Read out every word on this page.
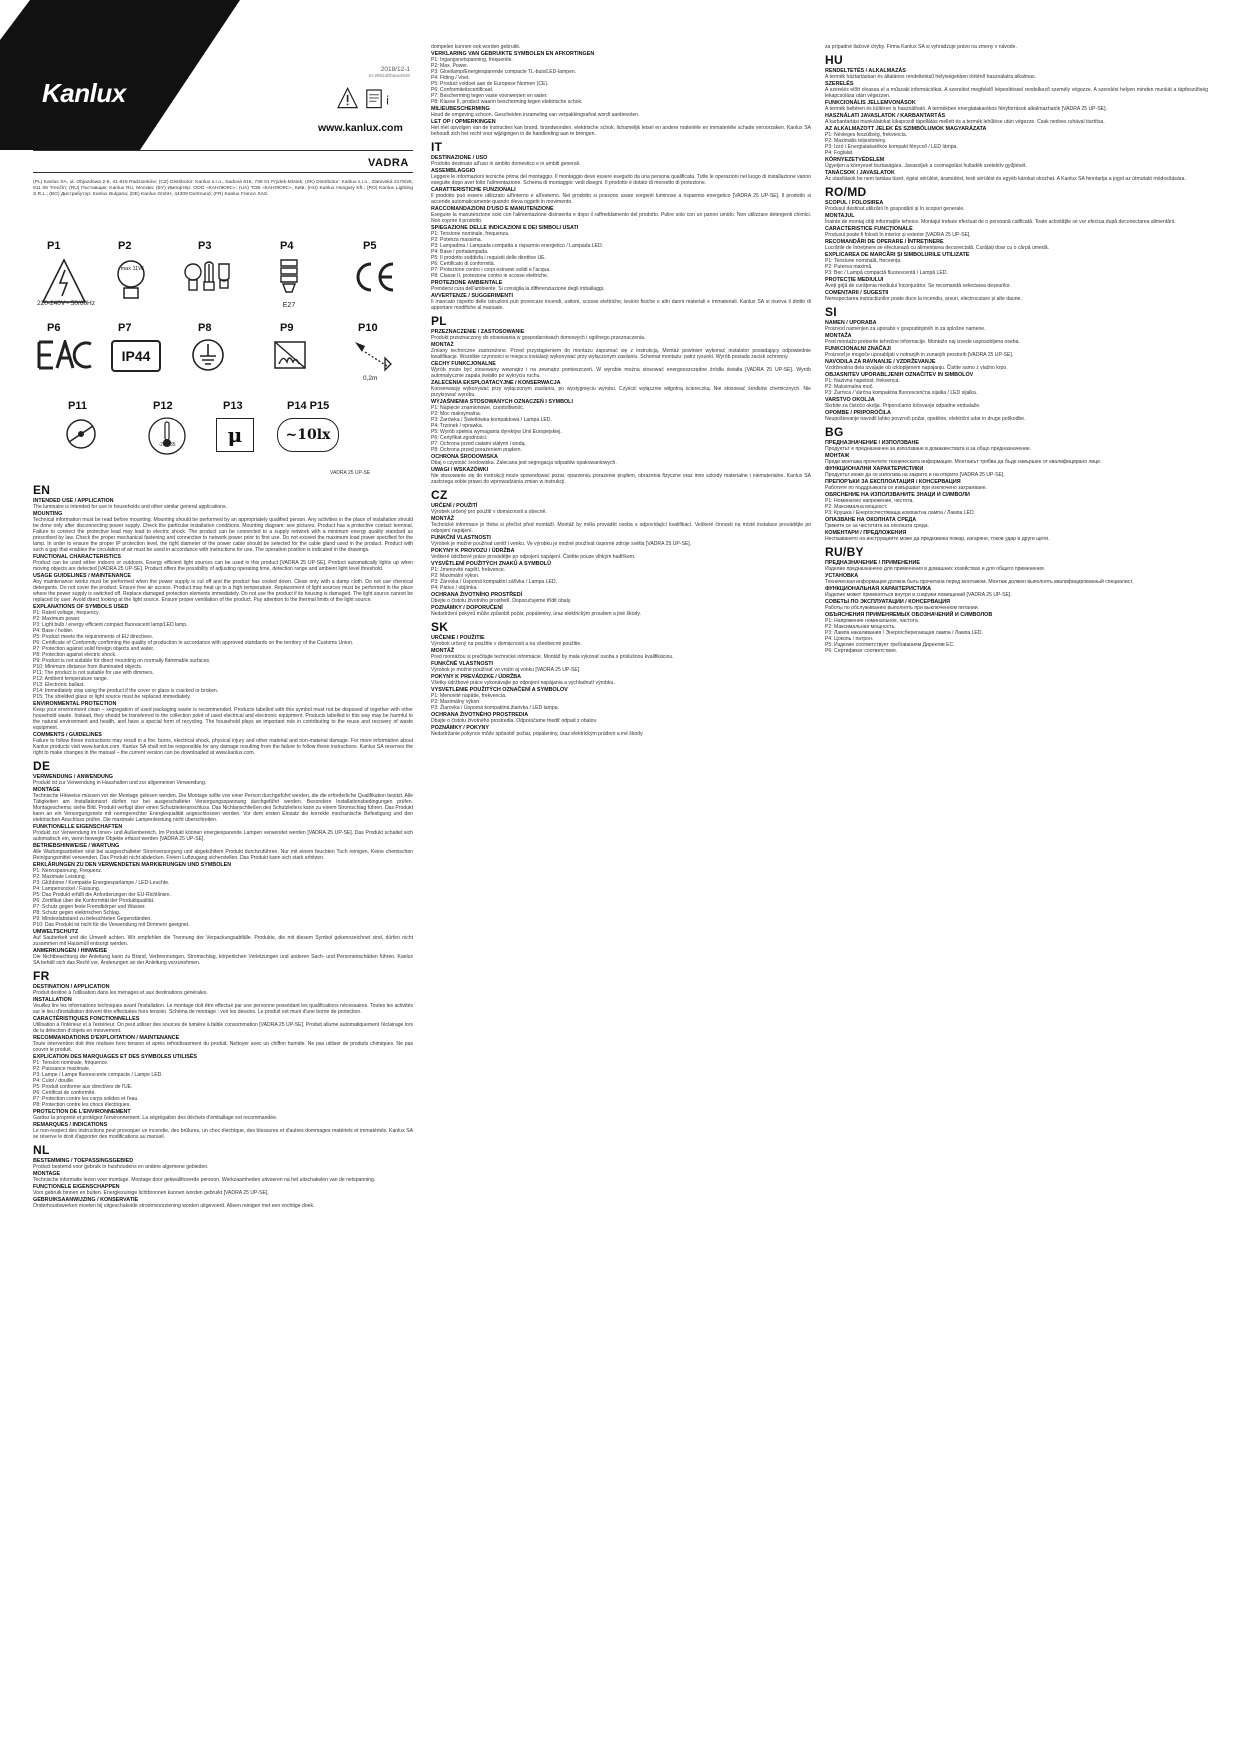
Kanlux
2018/12-1
KI-29524Dbase2020
i
www.kanlux.com
VADRA
(PL) Kanlux SA, ul. Objazdowa 2-6, 41-819 Radzionków; (CZ) Distributor: Kanlux s.r.o., Sadová 618, 738 01 Frýdek-Místek; (SK) Distribútor: Kanlux s.r.o., Zlatovská 2179/26, 911 05 Trenčín; (RU) Поставщик: Kanlux RU, Москва; (BY) Импортёр: ООО «КАНЛЮКС»; (UA) ТОВ «КАНЛЮКС», Київ; (HU) Kanlux Hungary Kft.; (RO) Kanlux Lighting S.R.L.; (BG) Дистрибутор: Kanlux Bulgaria; (DE) Kanlux GmbH, 44309 Dortmund; (FR) Kanlux France SAS.
P1	P2	P3	P4	P5
220-240V~ 50/60Hz
max 11W
E27
P6	P7	P8	P9	P10
IP44
0,2m
P11	P12	P13	P14 P15
-20 +35	μ	~10lx
VADRA 25 UP-SE
EN
INTENDED USE / APPLICATION
The luminaire is intended for use in households and other similar general applications.
MOUNTING
Technical information must be read before mounting. Mounting should be performed by an appropriately qualified person. Any activities in the place of installation should be done only after disconnecting power supply. Check the particular installation conditions. Mounting diagram: see pictures. Product has a protective contact terminal. Failure to connect the protective lead may lead to electric shock. The product can be connected to a supply network with a minimum energy quality standard as prescribed by law. Check the proper mechanical fastening and connection to network power prior to first use. Do not exceed the maximum load power specified for the lamp. In order to ensure the proper IP protection level, the tight diameter of the power cable should be selected for the cable gland used in the product. Product with such a gap that enables the circulation of air must be used in accordance with instructions for use. The operation position is indicated in the drawings.
FUNCTIONAL CHARACTERISTICS
Product can be used either indoors or outdoors. Energy efficient light sources can be used in this product [VADRA 25 UP-SE]. Product automatically lights up when moving objects are detected [VADRA 25 UP-SE]. Product offers the possibility of adjusting operating time, detection range and ambient light level threshold.
USAGE GUIDELINES / MAINTENANCE
Any maintenance works must be performed when the power supply is cut off and the product has cooled down. Clean only with a damp cloth. Do not use chemical detergents. Do not cover the product. Ensure free air access. Product may heat up to a high temperature. Replacement of light sources must be performed in the place where the power supply is switched off. Replace damaged protection elements immediately. Do not use the product if its housing is damaged. The light source cannot be replaced by user. Avoid direct looking at the light source. Ensure proper ventilation of the product. Pay attention to the thermal limits of the light source.
EXPLANATIONS OF SYMBOLS USED
P1: Rated voltage, frequency.
P2: Maximum power.
P3: Light bulb / energy efficient compact fluorescent lamp/LED lamp.
P4: Base / holder.
P5: Product meets the requirements of EU directives.
P6: Certificate of Conformity confirming the quality of production in accordance with approved standards on the territory of the Customs Union.
P7: Protection against solid foreign objects and water.
P8: Protection against electric shock.
P9: Product is not suitable for direct mounting on normally flammable surfaces.
P10: Minimum distance from illuminated objects.
P11: The product is not suitable for use with dimmers.
P12: Ambient temperature range.
P13: Electronic ballast.
P14: Immediately stop using the product if the cover or glass is cracked or broken.
P15: The shielded glass or light source must be replaced immediately.
ENVIRONMENTAL PROTECTION
Keep your environment clean – segregation of used packaging waste is recommended. Products labelled with this symbol must not be disposed of together with other household waste. Instead, they should be transferred to the collection point of used electrical and electronic equipment. Products labelled in this way may be harmful to the natural environment and health, and have a special form of recycling. The household plays an important role in contributing to the reuse and recovery of waste equipment.
COMMENTS / GUIDELINES
Failure to follow these instructions may result in a fire, burns, electrical shock, physical injury and other material and non-material damage. For more information about Kanlux products visit www.kanlux.com. Kanlux SA shall not be responsible for any damage resulting from the failure to follow these instructions. Kanlux SA reserves the right to make changes in the manual – the current version can be downloaded at www.kanlux.com.
DE
VERWENDUNG / ANWENDUNG
Produkt ist zur Verwendung in Haushalten und zur allgemeinen Verwendung.
MONTAGE
Technische Hinweise müssen vor der Montage gelesen werden. Die Montage sollte von einer Person durchgeführt werden, die die erforderliche Qualifikation besitzt. Alle Tätigkeiten am Installationsort dürfen nur bei ausgeschalteter Versorgungsspannung durchgeführt werden. Besondere Installationsbedingungen prüfen. Montageschema: siehe Bild. Produkt verfügt über einen Schutzleiteranschluss. Das Nichtanschließen des Schutzleiters kann zu einem Stromschlag führen. Das Produkt kann an ein Versorgungsnetz mit normgerechter Energiequalität angeschlossen werden. Vor dem ersten Einsatz die korrekte mechanische Befestigung und den elektrischen Anschluss prüfen. Die maximale Lampenleistung nicht überschreiten.
FUNKTIONELLE EIGENSCHAFTEN
Produkt zur Verwendung im Innen- und Außenbereich. Im Produkt können energiesparende Lampen verwendet werden [VADRA 25 UP-SE]. Das Produkt schaltet sich automatisch ein, wenn bewegte Objekte erfasst werden [VADRA 25 UP-SE].
BETRIEBSHINWEISE / WARTUNG
Alle Wartungsarbeiten sind bei ausgeschalteter Stromversorgung und abgekühltem Produkt durchzuführen. Nur mit einem feuchten Tuch reinigen. Keine chemischen Reinigungsmittel verwenden. Das Produkt nicht abdecken. Freien Luftzugang sicherstellen. Das Produkt kann sich stark erhitzen.
ERKLÄRUNGEN ZU DEN VERWENDETEN MARKIERUNGEN UND SYMBOLEN
P1: Nennspannung, Frequenz.
P2: Maximale Leistung.
P3: Glühbirne / Kompakte Energiesparlampe / LED-Leuchte.
P4: Lampensockel / Fassung.
P5: Das Produkt erfüllt die Anforderungen der EU-Richtlinien.
P6: Zertifikat über die Konformität der Produktqualität.
P7: Schutz gegen feste Fremdkörper und Wasser.
P8: Schutz gegen elektrischen Schlag.
P9: Mindestabstand zu beleuchteten Gegenständen.
P10: Das Produkt ist nicht für die Verwendung mit Dimmern geeignet.
UMWELTSCHUTZ
Auf Sauberkeit und die Umwelt achten. Wir empfehlen die Trennung der Verpackungsabfälle. Produkte, die mit diesem Symbol gekennzeichnet sind, dürfen nicht zusammen mit Hausmüll entsorgt werden.
ANMERKUNGEN / HINWEISE
Die Nichtbeachtung der Anleitung kann zu Brand, Verbrennungen, Stromschlag, körperlichen Verletzungen und anderen Sach- und Personenschäden führen. Kanlux SA behält sich das Recht vor, Änderungen an der Anleitung vorzunehmen.
FR
DESTINATION / APPLICATION
Produit destiné à l'utilisation dans les ménages et aux destinations générales.
INSTALLATION
Veuillez lire les informations techniques avant l'installation. Le montage doit être effectué par une personne possédant les qualifications nécessaires. Toutes les activités sur le lieu d'installation doivent être effectuées hors tension. Schéma de montage : voir les dessins. Le produit est muni d'une borne de protection.
CARACTÉRISTIQUES FONCTIONNELLES
Utilisation à l'intérieur et à l'extérieur. On peut utiliser des sources de lumière à faible consommation [VADRA 25 UP-SE]. Produit allume automatiquement l'éclairage lors de la détection d'objets en mouvement.
RECOMMANDATIONS D'EXPLOITATION / MAINTENANCE
Toute intervention doit être réalisée hors tension et après refroidissement du produit. Nettoyer avec un chiffon humide. Ne pas utiliser de produits chimiques. Ne pas couvrir le produit.
EXPLICATION DES MARQUAGES ET DES SYMBOLES UTILISÉS
P1: Tension nominale, fréquence.
P2: Puissance maximale.
P3: Lampe / Lampe fluorescente compacte / Lampe LED.
P4: Culot / douille.
P5: Produit conforme aux directives de l'UE.
P6: Certificat de conformité.
P7: Protection contre les corps solides et l'eau.
P8: Protection contre les chocs électriques.
PROTECTION DE L'ENVIRONNEMENT
Gardez la propreté et protégez l'environnement. La ségrégation des déchets d'emballage est recommandée.
REMARQUES / INDICATIONS
Le non-respect des instructions peut provoquer un incendie, des brûlures, un choc électrique, des blessures et d'autres dommages matériels et immatériels. Kanlux SA se réserve le droit d'apporter des modifications au manuel.
NL
BESTEMMING / TOEPASSINGSGEBIED
Product bestemd voor gebruik in huishoudens en andere algemene gebieden.
MONTAGE
Technische informatie lezen voor montage. Montage door gekwalificeerde persoon. Werkzaamheden uitvoeren na het uitschakelen van de netspanning.
FUNCTIONELE EIGENSCHAPPEN
Voor gebruik binnen en buiten. Energiezuinige lichtbronnen kunnen worden gebruikt [VADRA 25 UP-SE].
GEBRUIKSAANWIJZING / KONSERVATIE
Onderhoudswerken moeten bij uitgeschakelde stroomvoorziening worden uitgevoerd. Alleen reinigen met een vochtige doek.
dompelen kunnen ook worden gebruikt.
VERKLARING VAN GEBRUIKTE SYMBOLEN EN AFKORTINGEN
P1: Ingangsnetspanning, frequentie.
P2: Max. Power.
P3: Gloeilamp/Energiesparende compacte TL-buis/LED-lampen.
P4: Fitting / Voet.
P5: Product voldoet aan de Europese Normen (CE).
P6: Conformiteitscertificaat.
P7: Bescherming tegen vaste voorwerpen en water.
P8: Klasse II, product waarin bescherming tegen elektrische schok.
MILIEUBESCHERMING
Houd de omgeving schoon. Gescheiden inzameling van verpakkingsafval wordt aanbevolen.
LET OP / OPMERKINGEN
Het niet opvolgen van de instructies kan brand, brandwonden, elektrische schok, lichamelijk letsel en andere materiële en immateriële schade veroorzaken. Kanlux SA behoudt zich het recht voor wijzigingen in de handleiding aan te brengen.
IT
DESTINAZIONE / USO
Prodotto destinato all'uso in ambito domestico e in ambiti generali.
ASSEMBLAGGIO
Leggere le informazioni tecniche prima del montaggio. Il montaggio deve essere eseguito da una persona qualificata. Tutte le operazioni nel luogo di installazione vanno eseguite dopo aver tolto l'alimentazione. Schema di montaggio: vedi disegni. Il prodotto è dotato di morsetto di protezione.
CARATTERISTICHE FUNZIONALI
Il prodotto può essere utilizzato all'interno e all'esterno. Nel prodotto si possono usare sorgenti luminose a risparmio energetico [VADRA 25 UP-SE]. Il prodotto si accende automaticamente quando rileva oggetti in movimento.
RACCOMANDAZIONI D'USO E MANUTENZIONE
Eseguire la manutenzione solo con l'alimentazione disinserita e dopo il raffreddamento del prodotto. Pulire solo con un panno umido. Non utilizzare detergenti chimici. Non coprire il prodotto.
SPIEGAZIONE DELLE INDICAZIONI E DEI SIMBOLI USATI
P1: Tensione nominale, frequenza.
P2: Potenza massima.
P3: Lampadina / Lampada compatta a risparmio energetico / Lampada LED.
P4: Base / portalampada.
P5: Il prodotto soddisfa i requisiti delle direttive UE.
P6: Certificato di conformità.
P7: Protezione contro i corpi estranei solidi e l'acqua.
P8: Classe II, protezione contro le scosse elettriche.
PROTEZIONE AMBIENTALE
Prendersi cura dell'ambiente. Si consiglia la differenziazione degli imballaggi.
AVVERTENZE / SUGGERIMENTI
Il mancato rispetto delle istruzioni può provocare incendi, ustioni, scosse elettriche, lesioni fisiche e altri danni materiali e immateriali. Kanlux SA si riserva il diritto di apportare modifiche al manuale.
PL
PRZEZNACZENIE / ZASTOSOWANIE
Produkt przeznaczony do stosowania w gospodarstwach domowych i ogólnego przeznaczenia.
MONTAŻ
Zmiany techniczne zastrzeżone. Przed przystąpieniem do montażu zapoznać się z instrukcją. Montaż powinien wykonać instalator posiadający odpowiednie kwalifikacje. Wszelkie czynności w miejscu instalacji wykonywać przy wyłączonym zasilaniu. Schemat montażu: patrz rysunki. Wyrób posiada zacisk ochronny.
CECHY FUNKCJONALNE
Wyrób może być stosowany wewnątrz i na zewnątrz pomieszczeń. W wyrobie można stosować energooszczędne źródła światła [VADRA 25 UP-SE]. Wyrób automatycznie zapala światło po wykryciu ruchu.
ZALECENIA EKSPLOATACYJNE / KONSERWACJA
Konserwację wykonywać przy wyłączonym zasilaniu, po wystygnięciu wyrobu. Czyścić wyłącznie wilgotną ściereczką. Nie stosować środków chemicznych. Nie przykrywać wyrobu.
WYJAŚNIENIA STOSOWANYCH OZNACZEŃ I SYMBOLI
P1: Napięcie znamionowe, częstotliwość.
P2: Moc maksymalna.
P3: Żarówka / Świetlówka kompaktowa / Lampa LED.
P4: Trzonek / oprawka.
P5: Wyrób spełnia wymagania dyrektyw Unii Europejskiej.
P6: Certyfikat zgodności.
P7: Ochrona przed ciałami stałymi i wodą.
P8: Ochrona przed porażeniem prądem.
OCHRONA ŚRODOWISKA
Dbaj o czystość środowiska. Zalecana jest segregacja odpadów opakowaniowych.
UWAGI / WSKAZÓWKI
Nie stosowanie się do instrukcji może spowodować pożar, oparzenia, porażenie prądem, obrażenia fizyczne oraz inne szkody materialne i niematerialne. Kanlux SA zastrzega sobie prawo do wprowadzania zmian w instrukcji.
CZ
URČENÍ / POUŽITÍ
Výrobek určený pro použití v domácnosti a obecně.
MONTÁŽ
Technické informace je třeba si přečíst před montáží. Montáž by měla provádět osoba s odpovídající kvalifikací. Veškeré činnosti na místě instalace provádějte po odpojení napájení.
FUNKČNÍ VLASTNOSTI
Výrobek je možné používat uvnitř i venku. Ve výrobku je možné používat úsporné zdroje světla [VADRA 25 UP-SE].
POKYNY K PROVOZU / ÚDRŽBA
Veškeré údržbové práce provádějte po odpojení napájení. Čistěte pouze vlhkým hadříkem.
VYSVĚTLENÍ POUŽITÝCH ZNAKŮ A SYMBOLŮ
P1: Jmenovité napětí, frekvence.
P2: Maximální výkon.
P3: Žárovka / Úsporná kompaktní zářivka / Lampa LED.
P4: Patice / objímka.
OCHRANA ŽIVOTNÍHO PROSTŘEDÍ
Dbejte o čistotu životního prostředí. Doporučujeme třídit obaly.
POZNÁMKY / DOPORUČENÍ
Nedodržení pokynů může způsobit požár, popáleniny, úraz elektrickým proudem a jiné škody.
SK
URČENIE / POUŽITIE
Výrobok určený na použitie v domácnosti a na všeobecné použitie.
MONTÁŽ
Pred montážou si prečítajte technické informácie. Montáž by mala vykonať osoba s príslušnou kvalifikáciou.
FUNKČNÉ VLASTNOSTI
Výrobok je možné používať vo vnútri aj vonku [VADRA 25 UP-SE].
POKYNY K PREVÁDZKE / ÚDRŽBA
Všetky údržbové práce vykonávajte po odpojení napájania a vychladnutí výrobku.
VYSVETLENIE POUŽITÝCH OZNAČENÍ A SYMBOLOV
P1: Menovité napätie, frekvencia.
P2: Maximálny výkon.
P3: Žiarovka / Úsporná kompaktná žiarivka / LED lampa.
OCHRANA ŽIVOTNÉHO PROSTREDIA
Dbajte o čistotu životného prostredia. Odporúčame triediť odpad z obalov.
POZNÁMKY / POKYNY
Nedodržanie pokynov môže spôsobiť požiar, popáleniny, úraz elektrickým prúdom a iné škody.
za prípadné tlačové chyby. Firma Kanlux SA si vyhradzuje právo na zmeny v návode.
HU
RENDELTETÉS / ALKALMAZÁS
A termék háztartásban és általános rendeltetésű helyiségekben történő használatra alkalmas.
SZERELÉS
A szerelés előtt olvassa el a műszaki információkat. A szerelést megfelelő képesítéssel rendelkező személy végezze. A szerelési helyen minden munkát a tápfeszültség lekapcsolása után végezzen.
FUNKCIONÁLIS JELLEMVONÁSOK
A termék beltéren és kültéren is használható. A termékben energiatakarékos fényforrások alkalmazhatók [VADRA 25 UP-SE].
HASZNÁLATI JAVASLATOK / KARBANTARTÁS
A karbantartási munkálatokat kikapcsolt tápellátás mellett és a termék lehűlése után végezze. Csak nedves ruhával tisztítsa.
AZ ALKALMAZOTT JELEK ÉS SZIMBÓLUMOK MAGYARÁZATA
P1: Névleges feszültség, frekvencia.
P2: Maximális teljesítmény.
P3: Izzó / Energiatakarékos kompakt fénycső / LED lámpa.
P4: Foglalat.
KÖRNYEZETVÉDELEM
Ügyeljen a környezet tisztaságára. Javasoljuk a csomagolási hulladék szelektív gyűjtését.
TANÁCSOK / JAVASLATOK
Az utasítások be nem tartása tüzet, égési sérülést, áramütést, testi sérülést és egyéb károkat okozhat. A Kanlux SA fenntartja a jogot az útmutató módosítására.
RO/MD
SCOPUL / FOLOSIREA
Produsul destinat utilizării în gospodării și în scopuri generale.
MONTAJUL
Înainte de montaj citiți informațiile tehnice. Montajul trebuie efectuat de o persoană calificată. Toate activitățile se vor efectua după deconectarea alimentării.
CARACTERISTICE FUNCȚIONALE
Produsul poate fi folosit în interior și exterior [VADRA 25 UP-SE].
RECOMANDĂRI DE OPERARE / ÎNTREȚINERE
Lucrările de întreținere se efectuează cu alimentarea deconectată. Curățați doar cu o cârpă umedă.
EXPLICAREA DE MARCĂRI ȘI SIMBOLURILE UTILIZATE
P1: Tensiune nominală, frecvența.
P2: Puterea maximă.
P3: Bec / Lampă compactă fluorescentă / Lampă LED.
PROTECȚIE MEDIULUI
Aveți grijă de curățenia mediului înconjurător. Se recomandă selectarea deșeurilor.
COMENTARII / SUGESTII
Nerespectarea instrucțiunilor poate duce la incendiu, arsuri, electrocutare și alte daune.
SI
NAMEN / UPORABA
Proizvod namenjen za uporabo v gospodinjstvih in za splošne namene.
MONTAŽA
Pred montažo preberite tehnične informacije. Montažo naj izvede usposobljena oseba.
FUNKCIONALNI ZNAČAJI
Proizvod je mogoče uporabljati v notranjih in zunanjih prostorih [VADRA 25 UP-SE].
NAVODILA ZA RAVNANJE / VZDRŽEVANJE
Vzdrževalna dela izvajajte ob izklopljenem napajanju. Čistite samo z vlažno krpo.
OBJASNITEV UPORABLJENIH OZNAČITEV IN SIMBOLOV
P1: Nazivna napetost, frekvenca.
P2: Maksimalna moč.
P3: Žarnica / Varčna kompaktna fluorescenčna sijalka / LED sijalka.
VARSTVO OKOLJA
Skrbite za čistočo okolja. Priporočamo ločevanje odpadne embalaže.
OPOMBE / PRIPOROČILA
Neupoštevanje navodil lahko povzroči požar, opekline, električni udar in druge poškodbe.
BG
ПРЕДНАЗНАЧЕНИЕ / ИЗПОЛЗВАНЕ
Продуктът е предназначен за използване в домакинствата и за общо предназначение.
МОНТАЖ
Преди монтажа прочетете техническата информация. Монтажът трябва да бъде извършен от квалифицирано лице.
ФУНКЦИОНАЛНИ ХАРАКТЕРИСТИКИ
Продуктът може да се използва на закрито и на открито [VADRA 25 UP-SE].
ПРЕПОРЪКИ ЗА ЕКСПЛОАТАЦИЯ / КОНСЕРВАЦИЯ
Работите по поддръжката се извършват при изключено захранване.
ОБЯСНЕНИЕ НА ИЗПОЛЗВАНИТЕ ЗНАЦИ И СИМВОЛИ
P1: Номинално напрежение, честота.
P2: Максимална мощност.
P3: Крушка / Енергоспестяваща компактна лампа / Лампа LED.
ОПАЗВАНЕ НА ОКОЛНАТА СРЕДА
Грижете се за чистотата на околната среда.
КОМЕНТАРИ / ПРЕДЛОЖЕНИЯ
Неспазването на инструкциите може да предизвика пожар, изгаряне, токов удар и други щети.
RU/BY
ПРЕДНАЗНАЧЕНИЕ / ПРИМЕНЕНИЕ
Изделие предназначено для применения в домашних хозяйствах и для общего применения.
УСТАНОВКА
Техническая информация должна быть прочитана перед монтажом. Монтаж должен выполнять квалифицированный специалист.
ФУНКЦИОНАЛЬНАЯ ХАРАКТЕРИСТИКА
Изделие может применяться внутри и снаружи помещений [VADRA 25 UP-SE].
СОВЕТЫ ПО ЭКСПЛУАТАЦИИ / КОНСЕРВАЦИЯ
Работы по обслуживанию выполнять при выключенном питании.
ОБЪЯСНЕНИЯ ПРИМЕНЯЕМЫХ ОБОЗНАЧЕНИЙ И СИМВОЛОВ
P1: Напряжение номинальное, частота.
P2: Максимальная мощность.
P3: Лампа накаливания / Энергосберегающая лампа / Лампа LED.
P4: Цоколь / патрон.
P5: Изделие соответствует требованиям Директив ЕС.
P6: Сертификат соответствия.
